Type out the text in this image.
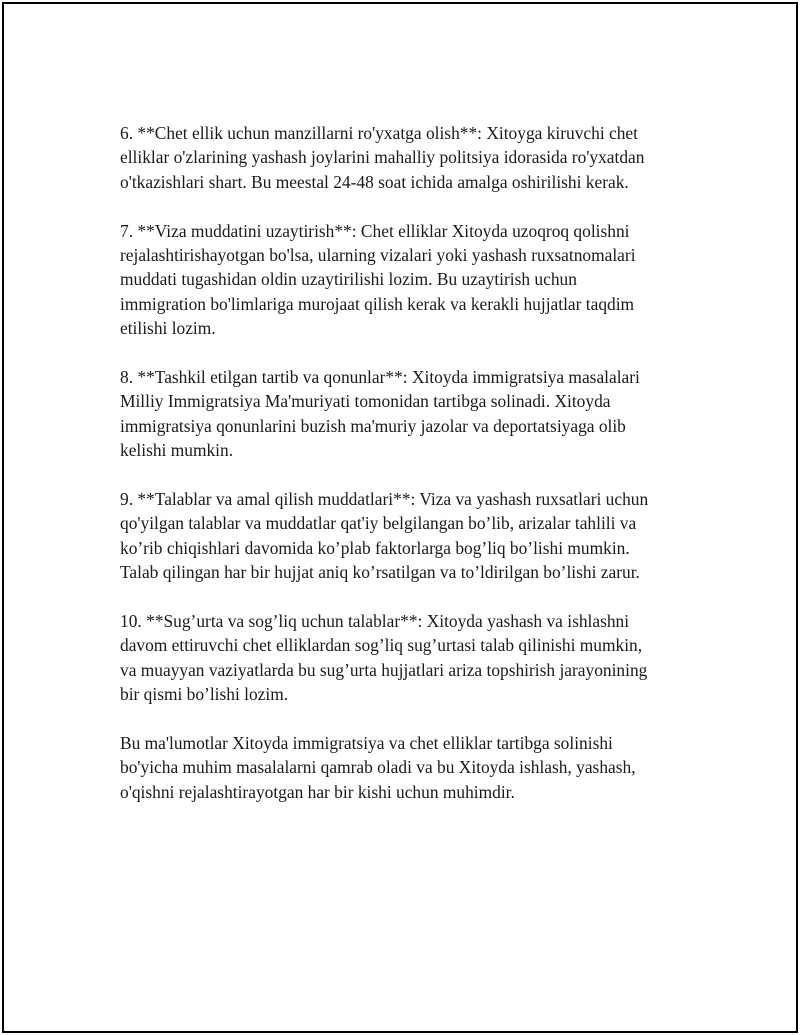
6. **Chet ellik uchun manzillarni ro'yxatga olish**: Xitoyga kiruvchi chet
elliklar o'zlarining yashash joylarini mahalliy politsiya idorasida ro'yxatdan
o'tkazishlari shart. Bu meestal 24-48 soat ichida amalga oshirilishi kerak.

7. **Viza muddatini uzaytirish**: Chet elliklar Xitoyda uzoqroq qolishni
rejalashtirishayotgan bo'lsa, ularning vizalari yoki yashash ruxsatnomalari
muddati tugashidan oldin uzaytirilishi lozim. Bu uzaytirish uchun
immigration bo'limlariga murojaat qilish kerak va kerakli hujjatlar taqdim
etilishi lozim.

8. **Tashkil etilgan tartib va qonunlar**: Xitoyda immigratsiya masalalari
Milliy Immigratsiya Ma'muriyati tomonidan tartibga solinadi. Xitoyda
immigratsiya qonunlarini buzish ma'muriy jazolar va deportatsiyaga olib
kelishi mumkin.

9. **Talablar va amal qilish muddatlari**: Viza va yashash ruxsatlari uchun
qo'yilgan talablar va muddatlar qat'iy belgilangan bo’lib, arizalar tahlili va
ko’rib chiqishlari davomida ko’plab faktorlarga bog’liq bo’lishi mumkin.
Talab qilingan har bir hujjat aniq ko’rsatilgan va to’ldirilgan bo’lishi zarur.

10. **Sug’urta va sog’liq uchun talablar**: Xitoyda yashash va ishlashni
davom ettiruvchi chet elliklardan sog’liq sug’urtasi talab qilinishi mumkin,
va muayyan vaziyatlarda bu sug’urta hujjatlari ariza topshirish jarayonining
bir qismi bo’lishi lozim.

Bu ma'lumotlar Xitoyda immigratsiya va chet elliklar tartibga solinishi
bo'yicha muhim masalalarni qamrab oladi va bu Xitoyda ishlash, yashash,
o'qishni rejalashtirayotgan har bir kishi uchun muhimdir.
